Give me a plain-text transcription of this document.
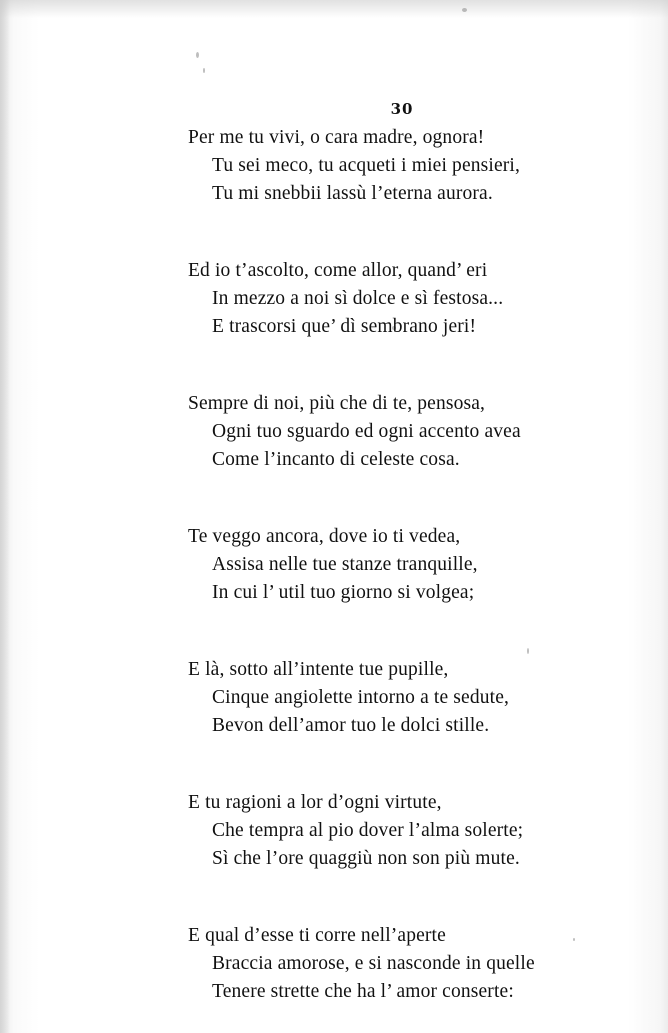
30
Per me tu vivi, o cara madre, ognora!
Tu sei meco, tu acqueti i miei pensieri,
Tu mi snebbii lassù l’eterna aurora.
Ed io t’ascolto, come allor, quand’ eri
In mezzo a noi sì dolce e sì festosa...
E trascorsi que’ dì sembrano jeri!
Sempre di noi, più che di te, pensosa,
Ogni tuo sguardo ed ogni accento avea
Come l’incanto di celeste cosa.
Te veggo ancora, dove io ti vedea,
Assisa nelle tue stanze tranquille,
In cui l’ util tuo giorno si volgea;
E là, sotto all’intente tue pupille,
Cinque angiolette intorno a te sedute,
Bevon dell’amor tuo le dolci stille.
E tu ragioni a lor d’ogni virtute,
Che tempra al pio dover l’alma solerte;
Sì che l’ore quaggiù non son più mute.
E qual d’esse ti corre nell’aperte
Braccia amorose, e si nasconde in quelle
Tenere strette che ha l’ amor conserte:
